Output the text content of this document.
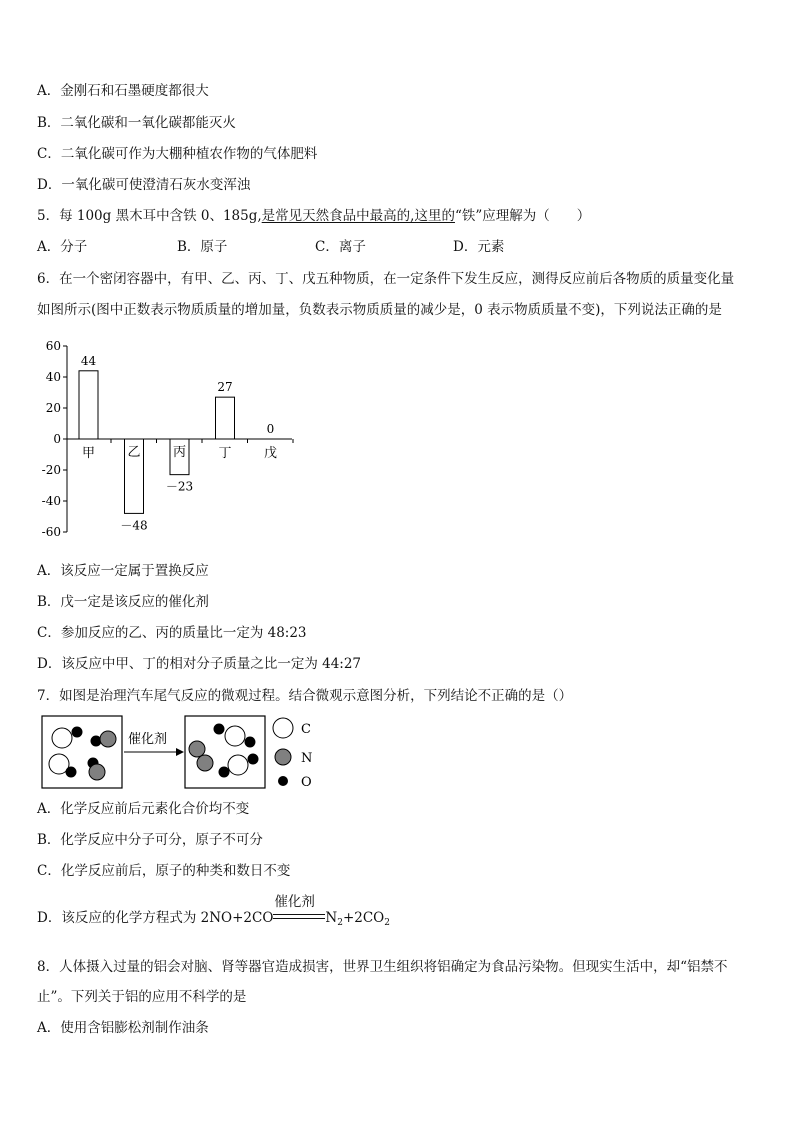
A．金刚石和石墨硬度都很大
B．二氧化碳和一氧化碳都能灭火
C．二氧化碳可作为大棚种植农作物的气体肥料
D．一氧化碳可使澄清石灰水变浑浊
5．每 100g 黑木耳中含铁 0、185g,是常见天然食品中最高的,这里的“铁”应理解为（　　）
A．分子	B．原子	C．离子	D．元素
6．在一个密闭容器中，有甲、乙、丙、丁、戊五种物质，在一定条件下发生反应，测得反应前后各物质的质量变化量
如图所示(图中正数表示物质质量的增加量，负数表示物质质量的减少是，0 表示物质质量不变)，下列说法正确的是
60
40
20
0
-20
-40
-60
甲
44
乙
－48
丙
－23
丁
27
戊
0
A．该反应一定属于置换反应
B．戊一定是该反应的催化剂
C．参加反应的乙、丙的质量比一定为 48:23
D．该反应中甲、丁的相对分子质量之比一定为 44:27
7．如图是治理汽车尾气反应的微观过程。结合微观示意图分析，下列结论不正确的是（）
催化剂
C
N
O
A．化学反应前后元素化合价均不变
B．化学反应中分子可分，原子不可分
C．化学反应前后，原子的种类和数日不变
D．该反应的化学方程式为 2NO+2CO
催化剂
$N_2+2CO_2$
8．人体摄入过量的铝会对脑、肾等器官造成损害，世界卫生组织将铝确定为食品污染物。但现实生活中，却“铝禁不
止”。下列关于铝的应用不科学的是
A．使用含铝膨松剂制作油条
